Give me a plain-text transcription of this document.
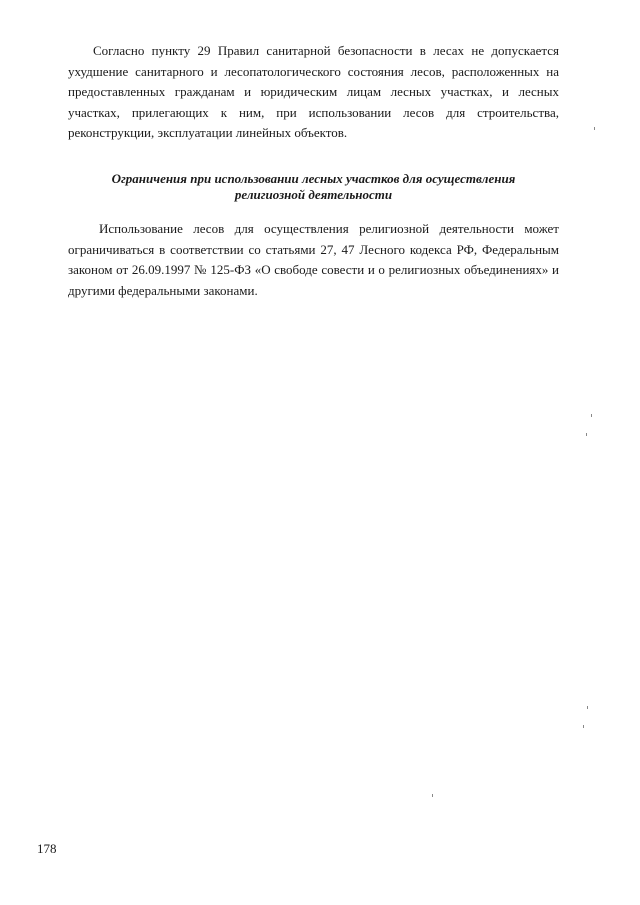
Согласно пункту 29 Правил санитарной безопасности в лесах не допускается ухудшение санитарного и лесопатологического состояния лесов, расположенных на предоставленных гражданам и юридическим лицам лесных участках, и лесных участках, прилегающих к ним, при использовании лесов для строительства, реконструкции, эксплуатации линейных объектов.

Ограничения при использовании лесных участков для осуществления
религиозной деятельности

Использование лесов для осуществления религиозной деятельности может ограничиваться в соответствии со статьями 27, 47 Лесного кодекса РФ, Федеральным законом от 26.09.1997 № 125-ФЗ «О свободе совести и о религиозных объединениях» и другими федеральными законами.

178
